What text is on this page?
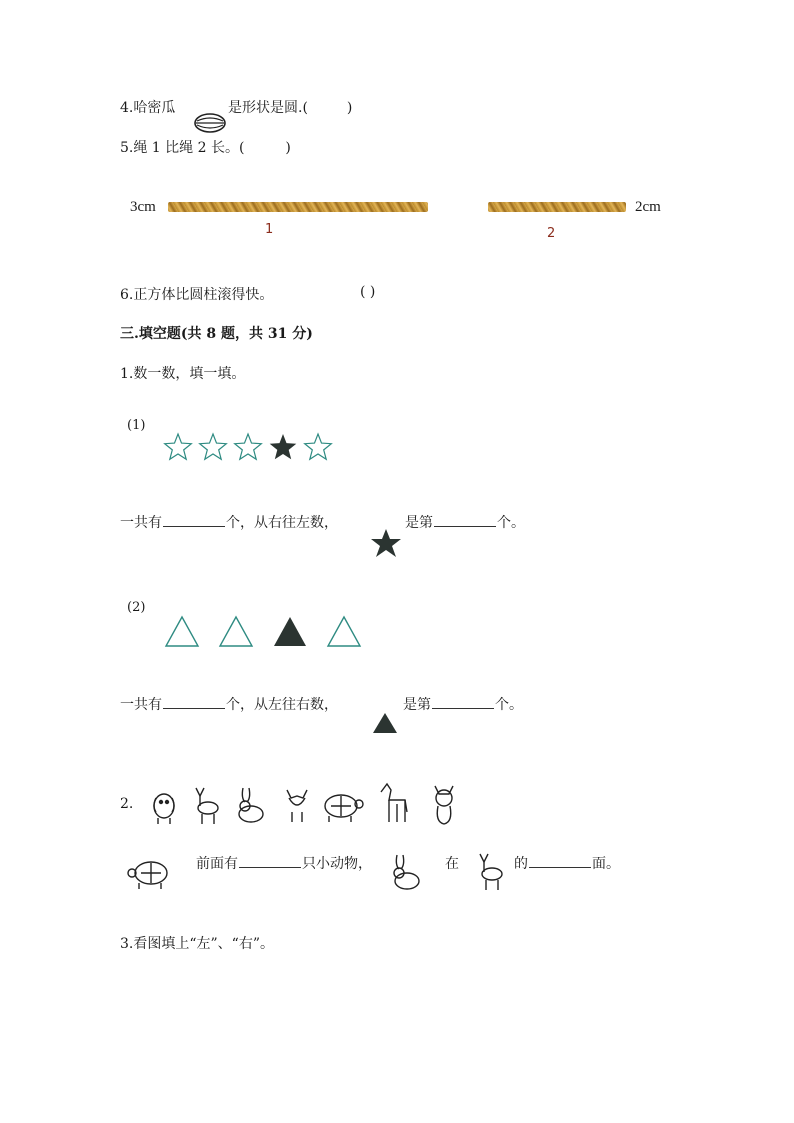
4.哈密瓜	是形状是圆.(	)
5.绳 1 比绳 2 长。(	)
3cm
1
2cm
2
6.正方体比圆柱滚得快。	( )
三.填空题(共 8 题，共 31 分)
1.数一数，填一填。
(1)
一共有	个，从右往左数，	是第	个。
(2)
一共有	个，从左往右数，	是第	个。
2.
前面有	只小动物，	在	的	面。
3.看图填上“左”、“右”。
